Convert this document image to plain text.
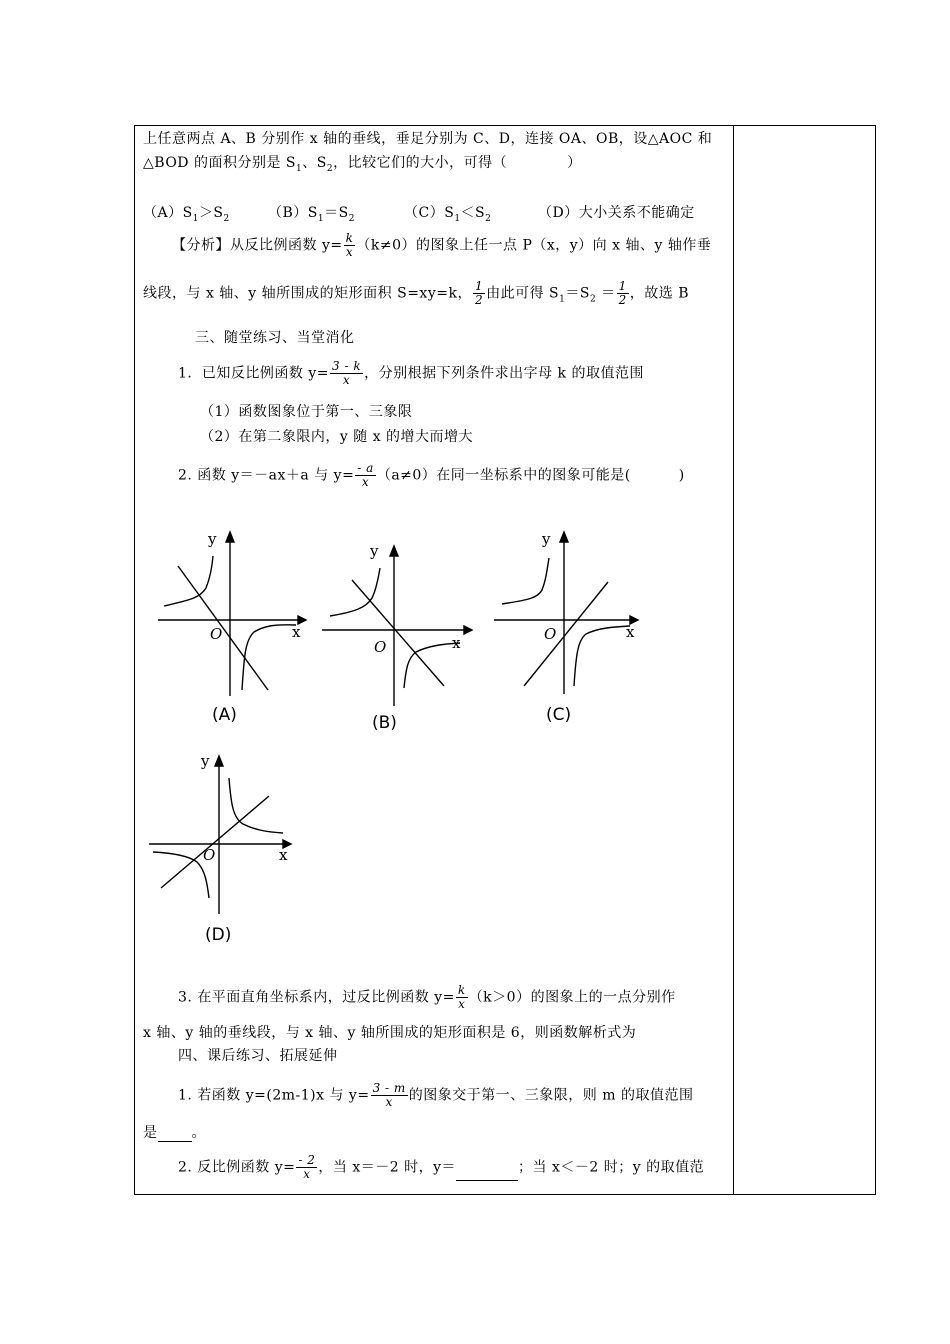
上任意两点 A、B 分别作 x 轴的垂线，垂足分别为 C、D，连接 OA、OB，设△AOC 和
△BOD 的面积分别是 $S_1$、$S_2$，比较它们的大小，可得（	）
$(A)S_1>S_2$	$(B)S_1=S_2$	$(C)S_1<S_2$	（D）大小关系不能确定
【分析】从反比例函数 $y= \frac{k}{x} (k\ne 0)$的图象上任一点 P（x，y）向 x 轴、y 轴作垂
线段，与 x 轴、y 轴所围成的矩形面积 S=xy=k， $\frac{1}{2}$ 由此可得 $S_1=S_2 = \frac{1}{2}$ ，故选 B
三、随堂练习、当堂消化
1．已知反比例函数 $y= \frac{3 - k}{x}$ ，分别根据下列条件求出字母 k 的取值范围
（1）函数图象位于第一、三象限
（2）在第二象限内，y 随 x 的增大而增大
2. 函数 y＝－ax＋a 与 $y= \frac{- a}{x} (a\ne 0)$在同一坐标系中的图象可能是(	)
y
x
O
(A)
y
x
O
(B)
y
x
O
(C)
y
x
O
(D)
3. 在平面直角坐标系内，过反比例函数 $y= \frac{k}{x} (k>0)$的图象上的一点分别作
x 轴、y 轴的垂线段，与 x 轴、y 轴所围成的矩形面积是 6，则函数解析式为
四、课后练习、拓展延伸
1. 若函数 y=(2m-1)x 与 $y= \frac{3 - m}{x}$ 的图象交于第一、三象限，则 m 的取值范围
是 。
2. 反比例函数 $y= \frac{- 2}{x}$ ，当 x＝－2 时，y＝	；当 x＜－2 时；y 的取值范
